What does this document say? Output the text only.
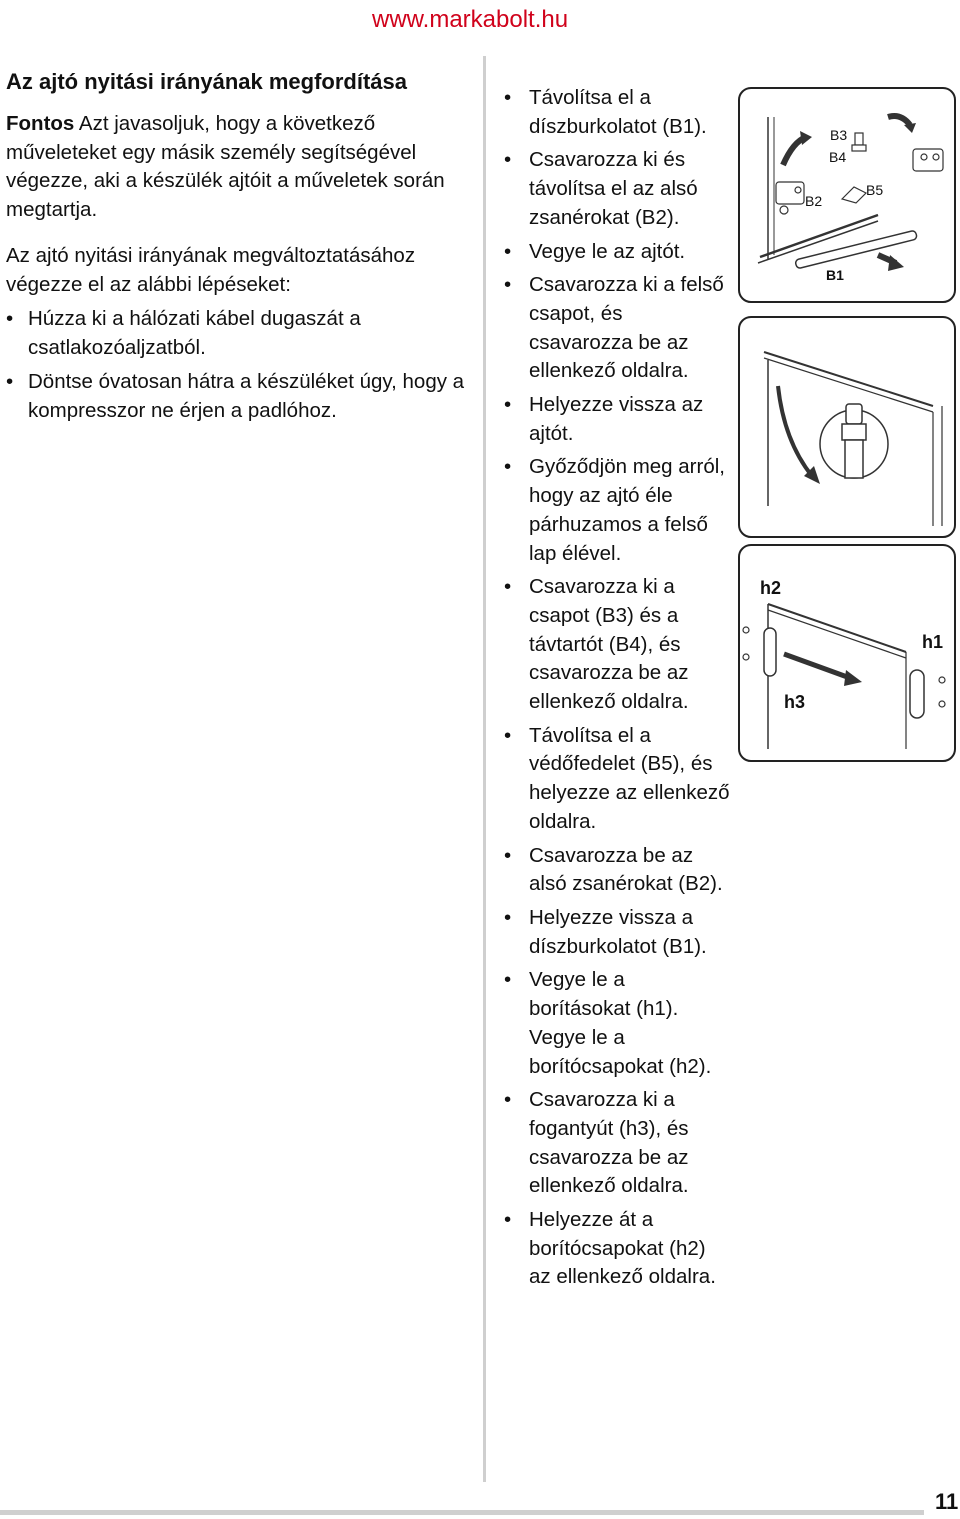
www.markabolt.hu
Az ajtó nyitási irányának megfordítása
Fontos Azt javasoljuk, hogy a következő műveleteket egy másik személy segítségével végezze, aki a készülék ajtóit a műveletek során megtartja.
Az ajtó nyitási irányának megváltoztatásához végezze el az alábbi lépéseket:
• Húzza ki a hálózati kábel dugaszát a csatlakozóaljzatból.
• Döntse óvatosan hátra a készüléket úgy, hogy a kompresszor ne érjen a padlóhoz.
• Távolítsa el a díszburkolatot (B1).
• Csavarozza ki és távolítsa el az alsó zsanérokat (B2).
• Vegye le az ajtót.
• Csavarozza ki a felső csapot, és csavarozza be az ellenkező oldalra.
• Helyezze vissza az ajtót.
• Győződjön meg arról, hogy az ajtó éle párhuzamos a felső lap élével.
• Csavarozza ki a csapot (B3) és a távtartót (B4), és csavarozza be az ellenkező oldalra.
• Távolítsa el a védőfedelet (B5), és helyezze az ellenkező oldalra.
• Csavarozza be az alsó zsanérokat (B2).
• Helyezze vissza a díszburkolatot (B1).
• Vegye le a borításokat (h1). Vegye le a borítócsapokat (h2).
• Csavarozza ki a fogantyút (h3), és csavarozza be az ellenkező oldalra.
• Helyezze át a borítócsapokat (h2) az ellenkező oldalra.
B1
B2
B3
B4
B5
h2
h1
h3
11
